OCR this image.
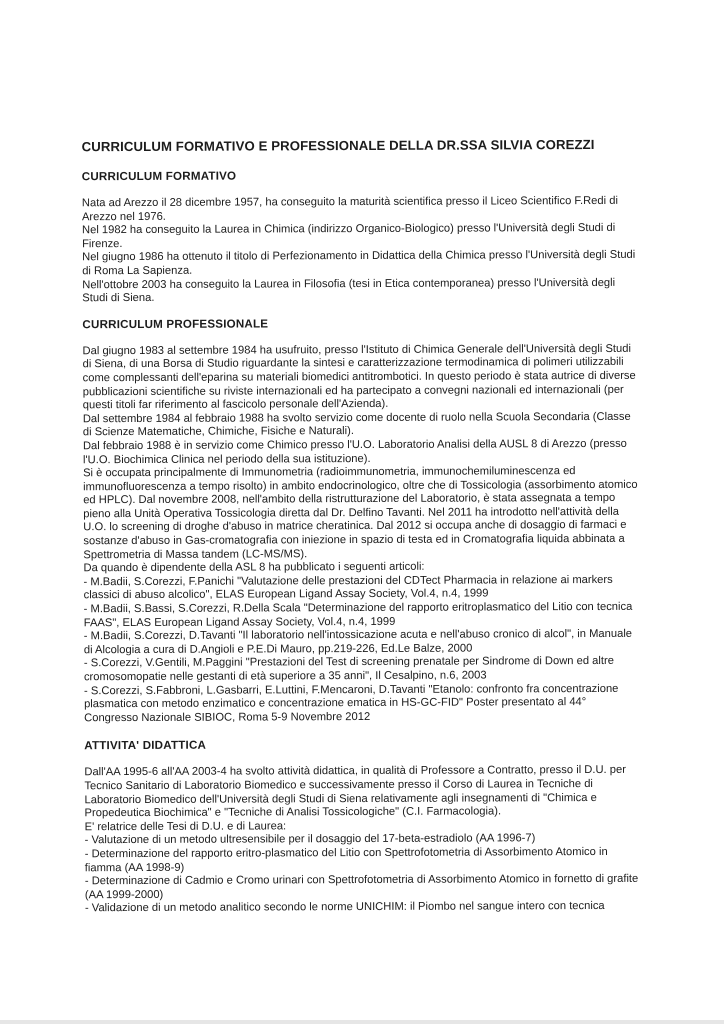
CURRICULUM FORMATIVO E PROFESSIONALE DELLA DR.SSA SILVIA COREZZI
CURRICULUM FORMATIVO
Nata ad Arezzo il 28 dicembre 1957, ha conseguito la maturità scientifica presso il Liceo Scientifico F.Redi di
Arezzo nel 1976.
Nel 1982 ha conseguito la Laurea in Chimica (indirizzo Organico-Biologico) presso l'Università degli Studi di
Firenze.
Nel giugno 1986 ha ottenuto il titolo di Perfezionamento in Didattica della Chimica presso l'Università degli Studi
di Roma La Sapienza.
Nell'ottobre 2003 ha conseguito la Laurea in Filosofia (tesi in Etica contemporanea) presso l'Università degli
Studi di Siena.
CURRICULUM PROFESSIONALE
Dal giugno 1983 al settembre 1984 ha usufruito, presso l'Istituto di Chimica Generale dell'Università degli Studi
di Siena, di una Borsa di Studio riguardante la sintesi e caratterizzazione termodinamica di polimeri utilizzabili
come complessanti dell'eparina su materiali biomedici antitrombotici. In questo periodo è stata autrice di diverse
pubblicazioni scientifiche su riviste internazionali ed ha partecipato a convegni nazionali ed internazionali (per
questi titoli far riferimento al fascicolo personale dell'Azienda).
Dal settembre 1984 al febbraio 1988 ha svolto servizio come docente di ruolo nella Scuola Secondaria (Classe
di Scienze Matematiche, Chimiche, Fisiche e Naturali).
Dal febbraio 1988 è in servizio come Chimico presso l'U.O. Laboratorio Analisi della AUSL 8 di Arezzo (presso
l'U.O. Biochimica Clinica nel periodo della sua istituzione).
Si è occupata principalmente di Immunometria (radioimmunometria, immunochemiluminescenza ed
immunofluorescenza a tempo risolto) in ambito endocrinologico, oltre che di Tossicologia (assorbimento atomico
ed HPLC). Dal novembre 2008, nell'ambito della ristrutturazione del Laboratorio, è stata assegnata a tempo
pieno alla Unità Operativa Tossicologia diretta dal Dr. Delfino Tavanti. Nel 2011 ha introdotto nell'attività della
U.O. lo screening di droghe d'abuso in matrice cheratinica. Dal 2012 si occupa anche di dosaggio di farmaci e
sostanze d'abuso in Gas-cromatografia con iniezione in spazio di testa ed in Cromatografia liquida abbinata a
Spettrometria di Massa tandem (LC-MS/MS).
Da quando è dipendente della ASL 8 ha pubblicato i seguenti articoli:
- M.Badii, S.Corezzi, F.Panichi "Valutazione delle prestazioni del CDTect Pharmacia in relazione ai markers
classici di abuso alcolico", ELAS European Ligand Assay Society, Vol.4, n.4, 1999
- M.Badii, S.Bassi, S.Corezzi, R.Della Scala "Determinazione del rapporto eritroplasmatico del Litio con tecnica
FAAS", ELAS European Ligand Assay Society, Vol.4, n.4, 1999
- M.Badii, S.Corezzi, D.Tavanti "Il laboratorio nell'intossicazione acuta e nell'abuso cronico di alcol", in Manuale
di Alcologia a cura di D.Angioli e P.E.Di Mauro, pp.219-226, Ed.Le Balze, 2000
- S.Corezzi, V.Gentili, M.Paggini "Prestazioni del Test di screening prenatale per Sindrome di Down ed altre
cromosomopatie nelle gestanti di età superiore a 35 anni", Il Cesalpino, n.6, 2003
- S.Corezzi, S.Fabbroni, L.Gasbarri, E.Luttini, F.Mencaroni, D.Tavanti "Etanolo: confronto fra concentrazione
plasmatica con metodo enzimatico e concentrazione ematica in HS-GC-FID" Poster presentato al 44°
Congresso Nazionale SIBIOC, Roma 5-9 Novembre 2012
ATTIVITA' DIDATTICA
Dall'AA 1995-6 all'AA 2003-4 ha svolto attività didattica, in qualità di Professore a Contratto, presso il D.U. per
Tecnico Sanitario di Laboratorio Biomedico e successivamente presso il Corso di Laurea in Tecniche di
Laboratorio Biomedico dell'Università degli Studi di Siena relativamente agli insegnamenti di "Chimica e
Propedeutica Biochimica" e "Tecniche di Analisi Tossicologiche" (C.I. Farmacologia).
E' relatrice delle Tesi di D.U. e di Laurea:
- Valutazione di un metodo ultresensibile per il dosaggio del 17-beta-estradiolo (AA 1996-7)
- Determinazione del rapporto eritro-plasmatico del Litio con Spettrofotometria di Assorbimento Atomico in
fiamma (AA 1998-9)
- Determinazione di Cadmio e Cromo urinari con Spettrofotometria di Assorbimento Atomico in fornetto di grafite
(AA 1999-2000)
- Validazione di un metodo analitico secondo le norme UNICHIM: il Piombo nel sangue intero con tecnica
